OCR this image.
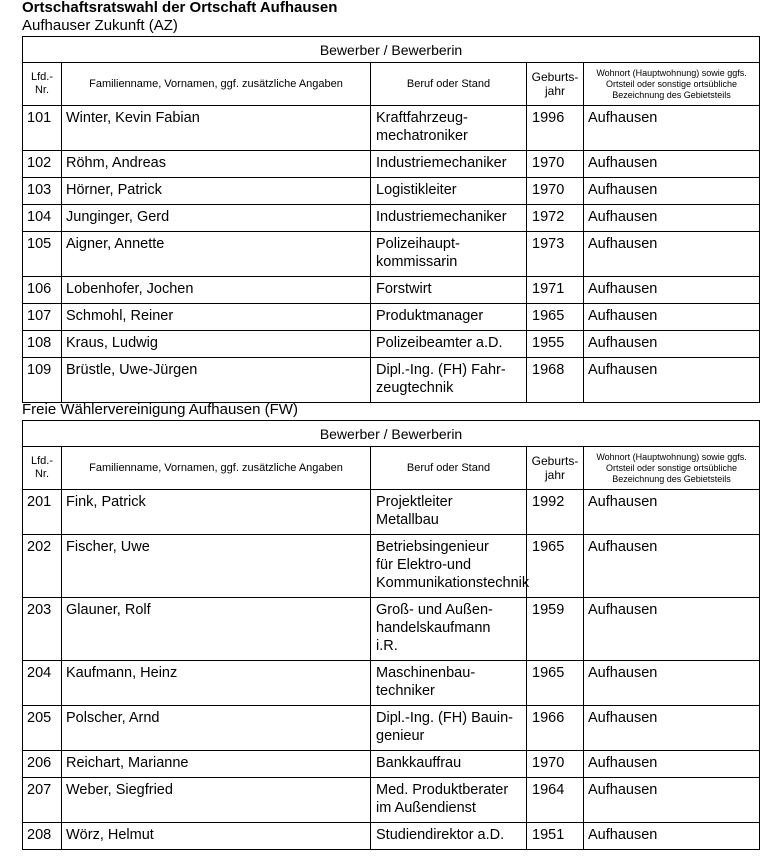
Ortschaftsratswahl der Ortschaft Aufhausen
Aufhauser Zukunft (AZ)
Bewerber / Bewerberin				
Lfd.-
Nr.	Familienname, Vornamen, ggf. zusätzliche Angaben	Beruf oder Stand	Geburts-
jahr	Wohnort (Hauptwohnung) sowie ggfs. Ortsteil oder sonstige ortsübliche Bezeichnung des Gebietsteils
101	Winter, Kevin Fabian	Kraftfahrzeug-
mechatroniker	1996	Aufhausen
102	Röhm, Andreas	Industriemechaniker	1970	Aufhausen
103	Hörner, Patrick	Logistikleiter	1970	Aufhausen
104	Junginger, Gerd	Industriemechaniker	1972	Aufhausen
105	Aigner, Annette	Polizeihaupt-
kommissarin	1973	Aufhausen
106	Lobenhofer, Jochen	Forstwirt	1971	Aufhausen
107	Schmohl, Reiner	Produktmanager	1965	Aufhausen
108	Kraus, Ludwig	Polizeibeamter a.D.	1955	Aufhausen
109	Brüstle, Uwe-Jürgen	Dipl.-Ing. (FH) Fahr-
zeugtechnik	1968	Aufhausen
Freie Wählervereinigung Aufhausen (FW)
Bewerber / Bewerberin				
Lfd.-
Nr.	Familienname, Vornamen, ggf. zusätzliche Angaben	Beruf oder Stand	Geburts-
jahr	Wohnort (Hauptwohnung) sowie ggfs. Ortsteil oder sonstige ortsübliche Bezeichnung des Gebietsteils
201	Fink, Patrick	Projektleiter
Metallbau	1992	Aufhausen
202	Fischer, Uwe	Betriebsingenieur
für Elektro-und
Kommunikationstechnik	1965	Aufhausen
203	Glauner, Rolf	Groß- und Außen-
handelskaufmann
i.R.	1959	Aufhausen
204	Kaufmann, Heinz	Maschinenbau-
techniker	1965	Aufhausen
205	Polscher, Arnd	Dipl.-Ing. (FH) Bauin-
genieur	1966	Aufhausen
206	Reichart, Marianne	Bankkauffrau	1970	Aufhausen
207	Weber, Siegfried	Med. Produktberater
im Außendienst	1964	Aufhausen
208	Wörz, Helmut	Studiendirektor a.D.	1951	Aufhausen
